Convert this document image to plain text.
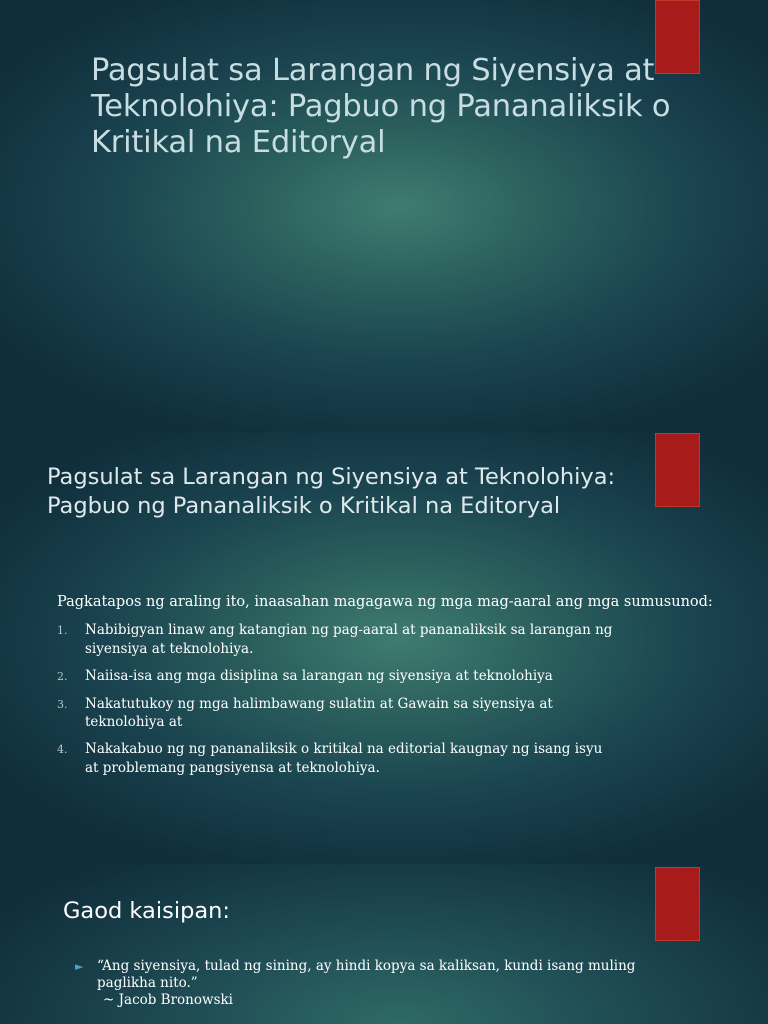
Pagsulat sa Larangan ng Siyensiya at Teknolohiya: Pagbuo ng Pananaliksik o Kritikal na Editoryal
Pagsulat sa Larangan ng Siyensiya at Teknolohiya: Pagbuo ng Pananaliksik o Kritikal na Editoryal

Pagkatapos ng araling ito, inaasahan magagawa ng mga mag-aaral ang mga sumusunod:

1.	Nabibigyan linaw ang katangian ng pag-aaral at pananaliksik sa larangan ng siyensiya at teknolohiya.
2.	Naiisa-isa ang mga disiplina sa larangan ng siyensiya at teknolohiya
3.	Nakatutukoy ng mga halimbawang sulatin at Gawain sa siyensiya at teknolohiya at
4.	Nakakabuo ng ng pananaliksik o kritikal na editorial kaugnay ng isang isyu at problemang pangsiyensa at teknolohiya.
Gaod kaisipan:
►	“Ang siyensiya, tulad ng sining, ay hindi kopya sa kaliksan, kundi isang muling paglikha nito.”
~ Jacob Bronowski
